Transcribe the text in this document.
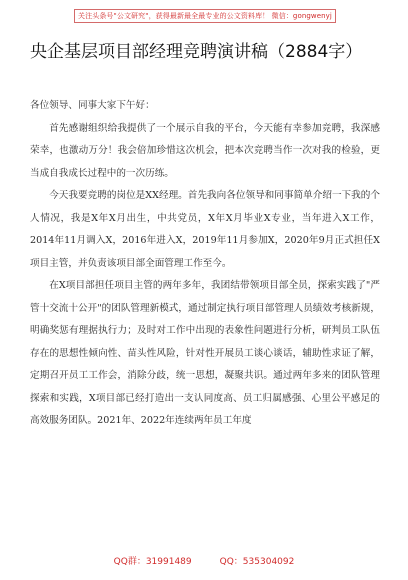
关注头条号"公文研究"，获得最新最全最专业的公文资料库！ 微信：gongwenyj
央企基层项目部经理竞聘演讲稿（2884字）

各位领导、同事大家下午好：

首先感谢组织给我提供了一个展示自我的平台，今天能有幸参加竞聘，我深感荣幸，也激动万分！我会倍加珍惜这次机会，把本次竞聘当作一次对我的检验，更当成自我成长过程中的一次历练。

今天我要竞聘的岗位是XX经理。首先我向各位领导和同事简单介绍一下我的个人情况，我是X年X月出生，中共党员，X年X月毕业X专业，当年进入X工作，2014年11月调入X，2016年进入X，2019年11月参加X，2020年9月正式担任X项目主管，并负责该项目部全面管理工作至今。

在X项目部担任项目主管的两年多年，我团结带领项目部全员，探索实践了"严管十交流十公开"的团队管理新模式，通过制定执行项目部管理人员绩效考核新规，明确奖惩有理据执行力；及时对工作中出现的表象性问题进行分析，研判员工队伍存在的思想性倾向性、苗头性风险，针对性开展员工谈心谈话，辅助性求证了解，定期召开员工工作会，消除分歧，统一思想，凝聚共识。通过两年多来的团队管理探索和实践，X项目部已经打造出一支认同度高、员工归属感强、心里公平感足的高效服务团队。2021年、2022年连续两年员工年度

QQ群：31991489	QQ：535304092
